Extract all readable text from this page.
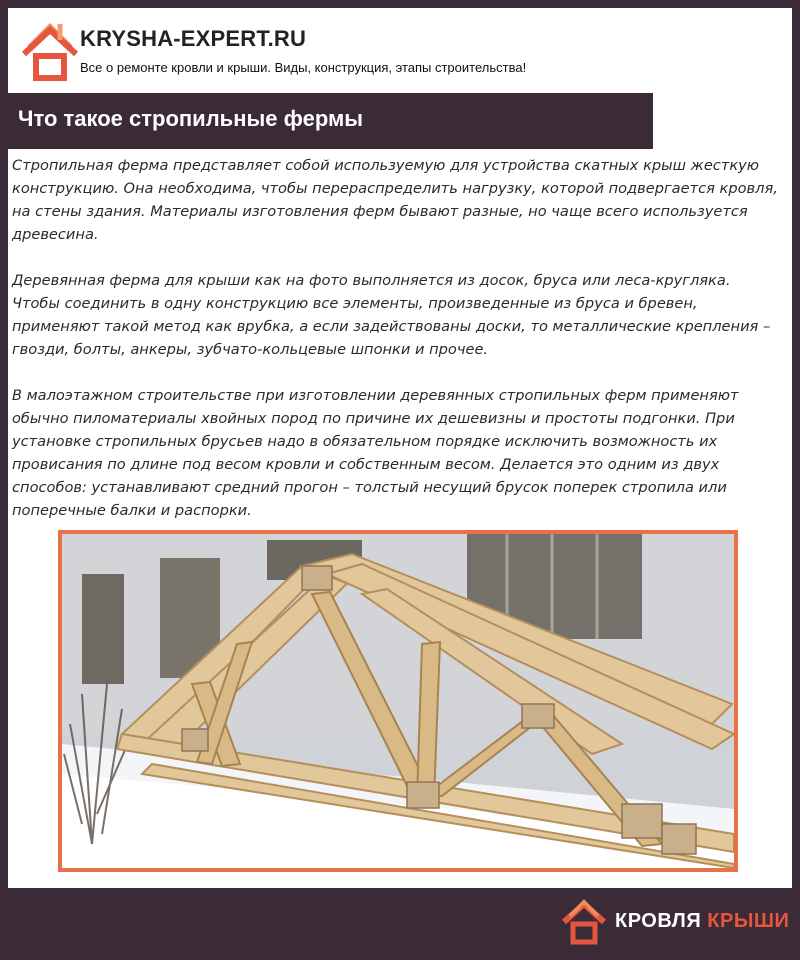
KRYSHA-EXPERT.RU
Все о ремонте кровли и крыши. Виды, конструкция, этапы строительства!
Что такое стропильные фермы

Стропильная ферма представляет собой используемую для устройства скатных крыш жесткую конструкцию. Она необходима, чтобы перераспределить нагрузку, которой подвергается кровля, на стены здания. Материалы изготовления ферм бывают разные, но чаще всего используется древесина.

Деревянная ферма для крыши как на фото выполняется из досок, бруса или леса-кругляка. Чтобы соединить в одну конструкцию все элементы, произведенные из бруса и бревен, применяют такой метод как врубка, а если задействованы доски, то металлические крепления – гвозди, болты, анкеры, зубчато-кольцевые шпонки и прочее.

В малоэтажном строительстве при изготовлении деревянных стропильных ферм применяют обычно пиломатериалы хвойных пород по причине их дешевизны и простоты подгонки. При установке стропильных брусьев надо в обязательном порядке исключить возможность их провисания по длине под весом кровли и собственным весом. Делается это одним из двух способов: устанавливают средний прогон – толстый несущий брусок поперек стропила или поперечные балки и распорки.

КРОВЛЯ КРЫШИ
